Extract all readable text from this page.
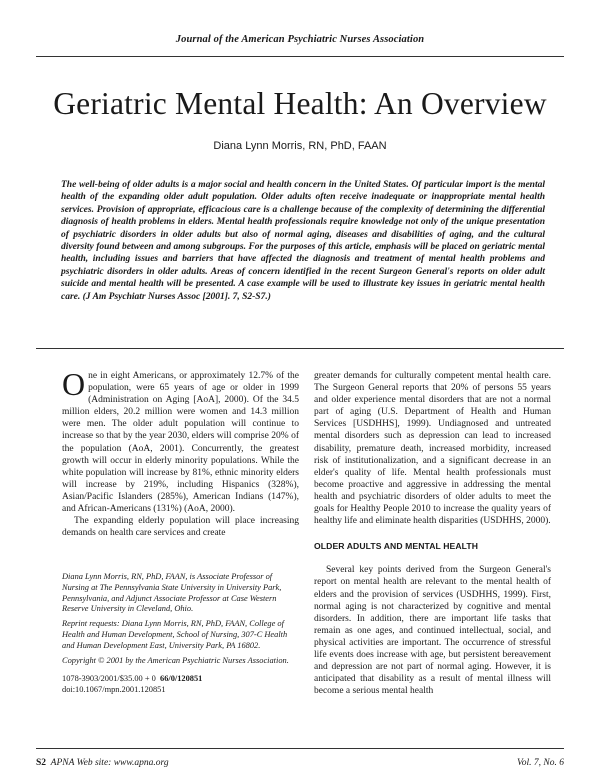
Journal of the American Psychiatric Nurses Association
Geriatric Mental Health: An Overview
Diana Lynn Morris, RN, PhD, FAAN
The well-being of older adults is a major social and health concern in the United States. Of particular import is the mental health of the expanding older adult population. Older adults often receive inadequate or inappropriate mental health services. Provision of appropriate, efficacious care is a challenge because of the complexity of determining the differential diagnosis of health problems in elders. Mental health professionals require knowledge not only of the unique presentation of psychiatric disorders in older adults but also of normal aging, diseases and disabilities of aging, and the cultural diversity found between and among subgroups. For the purposes of this article, emphasis will be placed on geriatric mental health, including issues and barriers that have affected the diagnosis and treatment of mental health problems and psychiatric disorders in older adults. Areas of concern identified in the recent Surgeon General's reports on older adult suicide and mental health will be presented. A case example will be used to illustrate key issues in geriatric mental health care. (J Am Psychiatr Nurses Assoc [2001]. 7, S2-S7.)

One in eight Americans, or approximately 12.7% of the population, were 65 years of age or older in 1999 (Administration on Aging [AoA], 2000). Of the 34.5 million elders, 20.2 million were women and 14.3 million were men. The older adult population will continue to increase so that by the year 2030, elders will comprise 20% of the population (AoA, 2001). Concurrently, the greatest growth will occur in elderly minority populations. While the white population will increase by 81%, ethnic minority elders will increase by 219%, including Hispanics (328%), Asian/Pacific Islanders (285%), American Indians (147%), and African-Americans (131%) (AoA, 2000).

The expanding elderly population will place increasing demands on health care services and create

Diana Lynn Morris, RN, PhD, FAAN, is Associate Professor of Nursing at The Pennsylvania State University in University Park, Pennsylvania, and Adjunct Associate Professor at Case Western Reserve University in Cleveland, Ohio.

Reprint requests: Diana Lynn Morris, RN, PhD, FAAN, College of Health and Human Development, School of Nursing, 307-C Health and Human Development East, University Park, PA 16802.

Copyright © 2001 by the American Psychiatric Nurses Association.

1078-3903/2001/$35.00 + 0 66/0/120851
doi:10.1067/mpn.2001.120851

greater demands for culturally competent mental health care. The Surgeon General reports that 20% of persons 55 years and older experience mental disorders that are not a normal part of aging (U.S. Department of Health and Human Services [USDHHS], 1999). Undiagnosed and untreated mental disorders such as depression can lead to increased disability, premature death, increased morbidity, increased risk of institutionalization, and a significant decrease in an elder's quality of life. Mental health professionals must become proactive and aggressive in addressing the mental health and psychiatric disorders of older adults to meet the goals for Healthy People 2010 to increase the quality years of healthy life and eliminate health disparities (USDHHS, 2000).

OLDER ADULTS AND MENTAL HEALTH

Several key points derived from the Surgeon General's report on mental health are relevant to the mental health of elders and the provision of services (USDHHS, 1999). First, normal aging is not characterized by cognitive and mental disorders. In addition, there are important life tasks that remain as one ages, and continued intellectual, social, and physical activities are important. The occurrence of stressful life events does increase with age, but persistent bereavement and depression are not part of normal aging. However, it is anticipated that disability as a result of mental illness will become a serious mental health

S2 APNA Web site: www.apna.org	Vol. 7, No. 6
